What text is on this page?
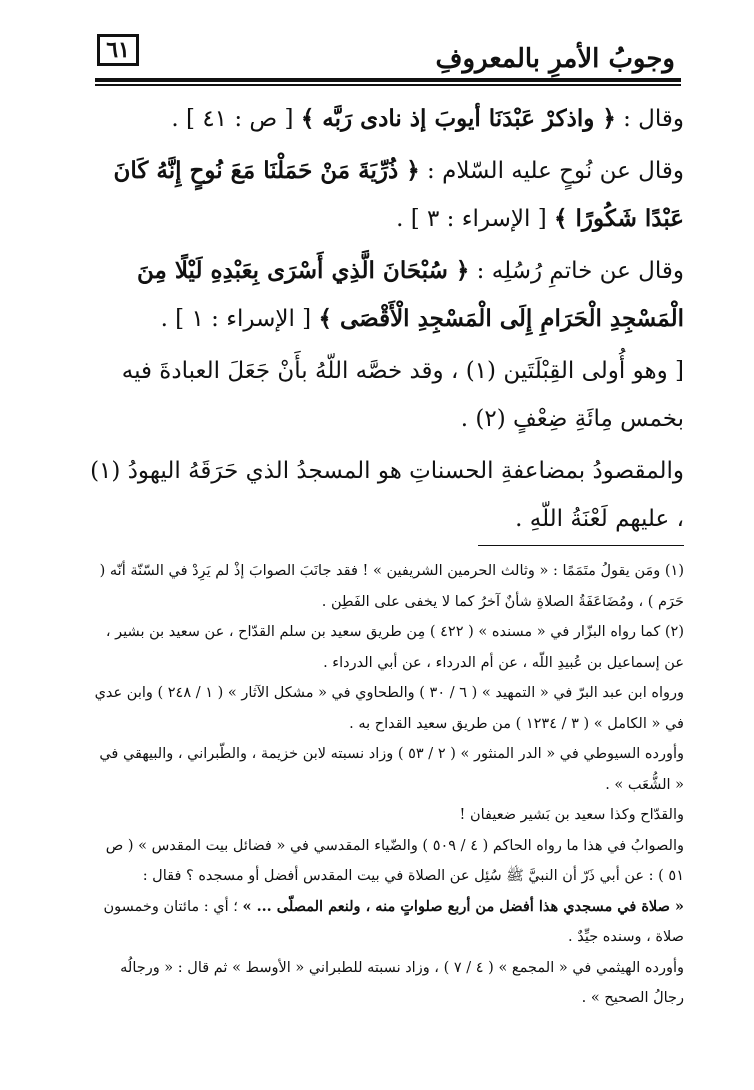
وجوبُ الأمرِ بالمعروفِ
٦١

وقال : ﴿ واذكرْ عَبْدَنَا أيوبَ إذ نادى رَبَّه ﴾ [ ص : ٤١ ] .

وقال عن نُوحٍ عليه السّلام : ﴿ ذُرِّيَةَ مَنْ حَمَلْنَا مَعَ نُوحٍ إِنَّهُ كَانَ عَبْدًا شَكُورًا ﴾ [ الإسراء : ٣ ] .

وقال عن خاتمِ رُسُلِه : ﴿ سُبْحَانَ الَّذِي أَسْرَى بِعَبْدِهِ لَيْلًا مِنَ الْمَسْجِدِ الْحَرَامِ إِلَى الْمَسْجِدِ الْأَقْصَى ﴾ [ الإسراء : ١ ] .

[ وهو أُولى القِبْلَتَين (١) ، وقد خصَّه اللّهُ بأَنْ جَعَلَ العبادةَ فيه بخمس مِائَةِ ضِعْفٍ (٢) .

والمقصودُ بمضاعفةِ الحسناتِ هو المسجدُ الذي حَرَقَهُ اليهودُ (١) ، عليهم لَعْنَةُ اللّهِ .

(١) ومَن يقولُ متَمَمًا : « وثالث الحرمين الشريفين » ! فقد جانَبَ الصوابَ إذْ لم يَرِدْ في السّنّة أنّه ( حَرَم ) ، ومُضَاعَفَةُ الصلاةِ شأنٌ آخرُ كما لا يخفى على الفَطِن .

(٢) كما رواه البزّار في « مسنده » ( ٤٢٢ ) مِن طريق سعيد بن سلم القدّاح ، عن سعيد بن بشير ، عن إسماعيل بن عُبيدِ اللّه ، عن أم الدرداء ، عن أبي الدرداء .

ورواه ابن عبد البرّ في « التمهيد » ( ٦ / ٣٠ ) والطحاوي في « مشكل الآثار » ( ١ / ٢٤٨ ) وابن عدي في « الكامل » ( ٣ / ١٢٣٤ ) من طريق سعيد القداح به .

وأورده السيوطي في « الدر المنثور » ( ٢ / ٥٣ ) وزاد نسبته لابن خزيمة ، والطّبراني ، والبيهقي في « الشُّعَب » .

والقدّاح وكذا سعيد بن بَشير ضعيفان !

والصوابُ في هذا ما رواه الحاكم ( ٤ / ٥٠٩ ) والضّياء المقدسي في « فضائل بيت المقدس » ( ص ٥١ ) : عن أبي ذَرّ أن النبيَّ ﷺ سُئِل عن الصلاة في بيت المقدس أفضل أو مسجده ؟ فقال :

« صلاة في مسجدي هذا أفضل من أربع صلواتٍ منه ، ولنعم المصلّى ... » ؛ أي : مائتان وخمسون صلاة ، وسنده جيِّدٌ .

وأورده الهيثمي في « المجمع » ( ٤ / ٧ ) ، وزاد نسبته للطبراني « الأوسط » ثم قال : « ورجالُه رجالُ الصحيح » .
